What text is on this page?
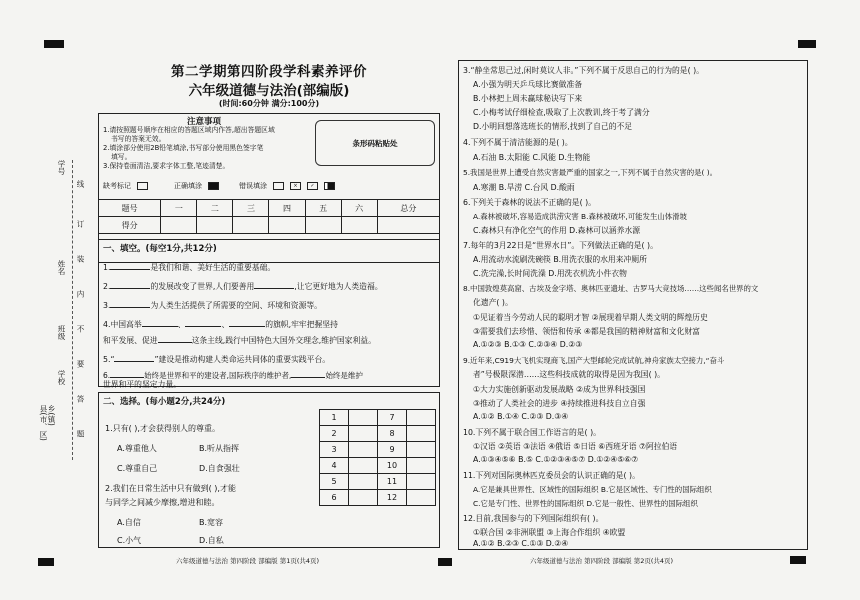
学号
姓名
班级
学校
乡(镇)
县(市、区)
线
订
装
内
不
要
答
题
第二学期第四阶段学科素养评价
六年级道德与法治(部编版)
(时间:60分钟 满分:100分)
注意事项
1.请按照题号顺序在相应的答题区域内作答,超出答题区域
书写的答案无效。
2.填涂部分使用2B铅笔填涂,书写部分使用黑色签字笔
填写。
3.保持卷面清洁,要求字体工整,笔迹清楚。
条形码粘贴处
缺考标记	正确填涂	错误填涂	×	✓
题号	一	二	三	四	五	六	总分
得分							
一、填空。(每空1分,共12分)
1.	是我们和谐、美好生活的重要基础。
2.	的发展改变了世界,人们要善用	,让它更好地为人类造福。
3.	为人类生活提供了所需要的空间、环境和资源等。
4.中国高举	、	、	的旗帜,牢牢把握坚持
和平发展、促进	这条主线,践行中国特色大国外交理念,维护国家利益。
5.“	”建设是推动构建人类命运共同体的重要实践平台。
6.	始终是世界和平的建设者,国际秩序的维护者,	始终是维护
世界和平的坚定力量。
二、选择。(每小题2分,共24分)
1		7	
2		8	
3		9	
4		10	
5		11	
6		12	
1.只有( ),才会获得别人的尊重。
A.尊重他人	B.听从指挥
C.尊重自己	D.自食强壮
2.我们在日常生活中只有做到( ),才能
与同学之间减少摩擦,增进和睦。
A.自信	B.宽容
C.小气	D.自私
3.“静坐常思己过,闲时莫议人非。”下列不属于反思自己的行为的是( )。
A.小强为明天乒乓球比赛做准备
B.小林把上周未赢球秘诀写下来
C.小梅考试仔细检查,吸取了上次教训,终于考了满分
D.小明回想落选班长的情形,找到了自己的不足
4.下列不属于清洁能源的是( )。
A.石油 B.太阳能 C.风能 D.生物能
5.我国是世界上遭受自然灾害最严重的国家之一,下列不属于自然灾害的是( )。
A.寒潮 B.旱涝 C.台风 D.酸雨
6.下列关于森林的说法不正确的是( )。
A.森林被破坏,容易造成洪涝灾害 B.森林被破坏,可能发生山体滑坡
C.森林只有净化空气的作用 D.森林可以涵养水源
7.每年的3月22日是“世界水日”。下列做法正确的是( )。
A.用流动水流刷洗碗筷 B.用洗衣服的水用来冲厕所
C.洗完澡,长时间洗澡 D.用洗衣机洗小件衣物
8.中国敦煌莫高窟、古埃及金字塔、奥林匹亚遗址、古罗马大竞技场……这些闻名世界的文
化遗产( )。
①见证着当今劳动人民的聪明才智 ②展现着早期人类文明的辉煌历史
③需要我们去珍惜、领悟和传承 ④都是我国的精神财富和文化财富
A.①②③ B.①③ C.②③④ D.②③
9.近年来,C919大飞机实现商飞,国产大型邮轮完成试航,神舟家族太空接力,“奋斗
者”号极限深潜……这些科技成就的取得是因为我国( )。
①大力实施创新驱动发展战略 ②成为世界科技强国
③推动了人类社会的进步 ④持续推进科技自立自强
A.①② B.①④ C.②③ D.③④
10.下列不属于联合国工作语言的是( )。
①汉语 ②英语 ③法语 ④俄语 ⑤日语 ⑥西班牙语 ⑦阿拉伯语
A.①③④⑤⑥ B.⑤ C.①②③④⑤⑦ D.①②④⑤⑥⑦
11.下列对国际奥林匹克委员会的认识正确的是( )。
A.它是兼具世界性、区域性的国际组织 B.它是区域性、专门性的国际组织
C.它是专门性、世界性的国际组织 D.它是一般性、世界性的国际组织
12.目前,我国参与的下列国际组织有( )。
①联合国 ②非洲联盟 ③上海合作组织 ④欧盟
A.①② B.②③ C.①③ D.②④
六年级道德与法治 第四阶段 部编版 第1页(共4页)	六年级道德与法治 第四阶段 部编版 第2页(共4页)
